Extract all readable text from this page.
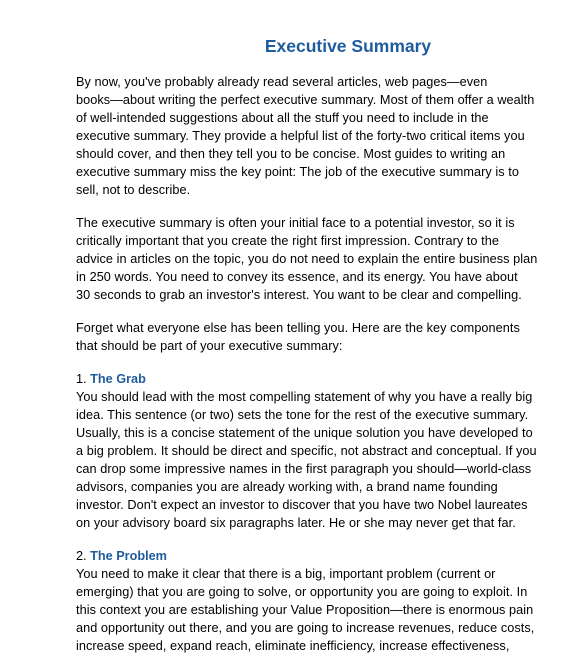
Executive Summary

By now, you've probably already read several articles, web pages—even
books—about writing the perfect executive summary. Most of them offer a wealth
of well-intended suggestions about all the stuff you need to include in the
executive summary. They provide a helpful list of the forty-two critical items you
should cover, and then they tell you to be concise. Most guides to writing an
executive summary miss the key point: The job of the executive summary is to
sell, not to describe.

The executive summary is often your initial face to a potential investor, so it is
critically important that you create the right first impression. Contrary to the
advice in articles on the topic, you do not need to explain the entire business plan
in 250 words. You need to convey its essence, and its energy. You have about
30 seconds to grab an investor's interest. You want to be clear and compelling.

Forget what everyone else has been telling you. Here are the key components
that should be part of your executive summary:

1. The Grab

You should lead with the most compelling statement of why you have a really big
idea. This sentence (or two) sets the tone for the rest of the executive summary.
Usually, this is a concise statement of the unique solution you have developed to
a big problem. It should be direct and specific, not abstract and conceptual. If you
can drop some impressive names in the first paragraph you should—world-class
advisors, companies you are already working with, a brand name founding
investor. Don't expect an investor to discover that you have two Nobel laureates
on your advisory board six paragraphs later. He or she may never get that far.

2. The Problem

You need to make it clear that there is a big, important problem (current or
emerging) that you are going to solve, or opportunity you are going to exploit. In
this context you are establishing your Value Proposition—there is enormous pain
and opportunity out there, and you are going to increase revenues, reduce costs,
increase speed, expand reach, eliminate inefficiency, increase effectiveness,
